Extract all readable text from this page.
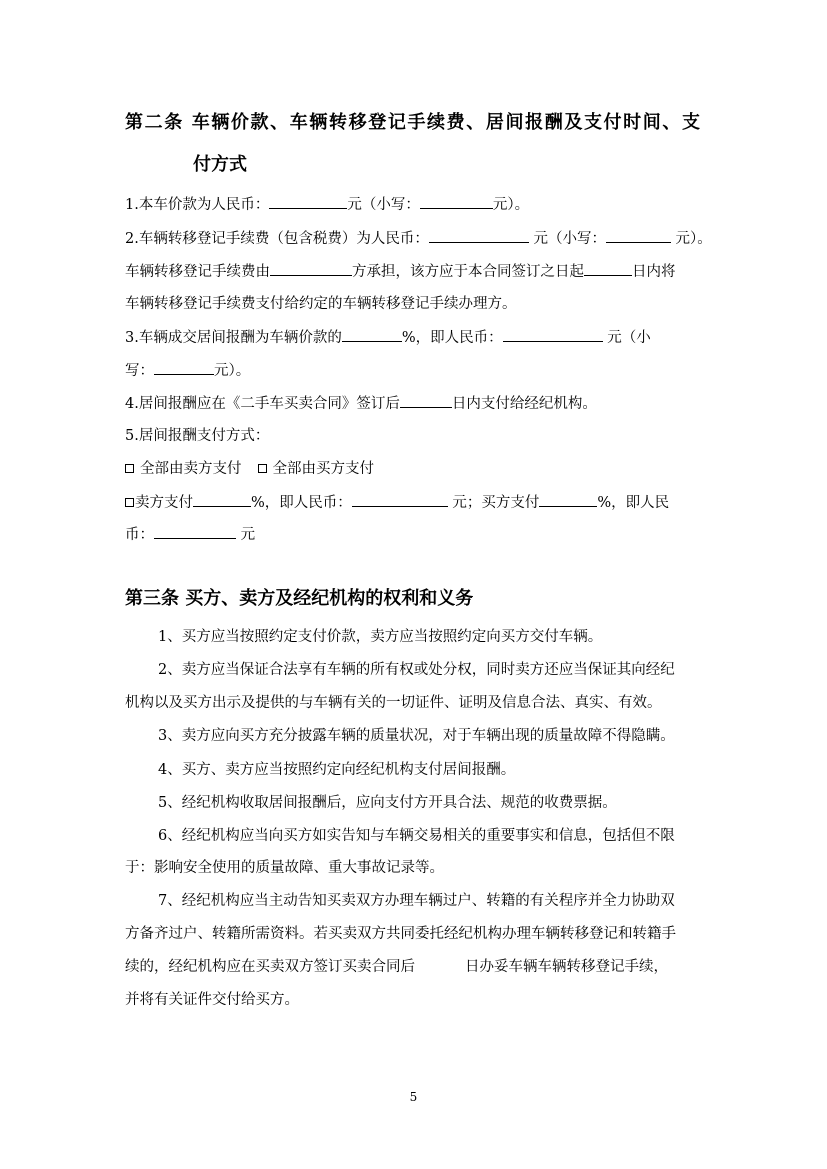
第二条 车辆价款、车辆转移登记手续费、居间报酬及支付时间、支
付方式
1.本车价款为人民币：	元（小写：	元）。
2.车辆转移登记手续费（包含税费）为人民币：	元（小写：	元）。
车辆转移登记手续费由	方承担，该方应于本合同签订之日起	日内将
车辆转移登记手续费支付给约定的车辆转移登记手续办理方。
3.车辆成交居间报酬为车辆价款的	%，即人民币：	元（小
写：	元）。
4.居间报酬应在《二手车买卖合同》签订后	日内支付给经纪机构。
5.居间报酬支付方式：
全部由卖方支付 全部由买方支付
卖方支付	%，即人民币：	元；买方支付	%，即人民
币：	元
第三条 买方、卖方及经纪机构的权利和义务
1、买方应当按照约定支付价款，卖方应当按照约定向买方交付车辆。
2、卖方应当保证合法享有车辆的所有权或处分权，同时卖方还应当保证其向经纪
机构以及买方出示及提供的与车辆有关的一切证件、证明及信息合法、真实、有效。
3、卖方应向买方充分披露车辆的质量状况，对于车辆出现的质量故障不得隐瞒。
4、买方、卖方应当按照约定向经纪机构支付居间报酬。
5、经纪机构收取居间报酬后，应向支付方开具合法、规范的收费票据。
6、经纪机构应当向买方如实告知与车辆交易相关的重要事实和信息，包括但不限
于：影响安全使用的质量故障、重大事故记录等。
7、经纪机构应当主动告知买卖双方办理车辆过户、转籍的有关程序并全力协助双
方备齐过户、转籍所需资料。若买卖双方共同委托经纪机构办理车辆转移登记和转籍手
续的，经纪机构应在买卖双方签订买卖合同后	日办妥车辆车辆转移登记手续，
并将有关证件交付给买方。
5
